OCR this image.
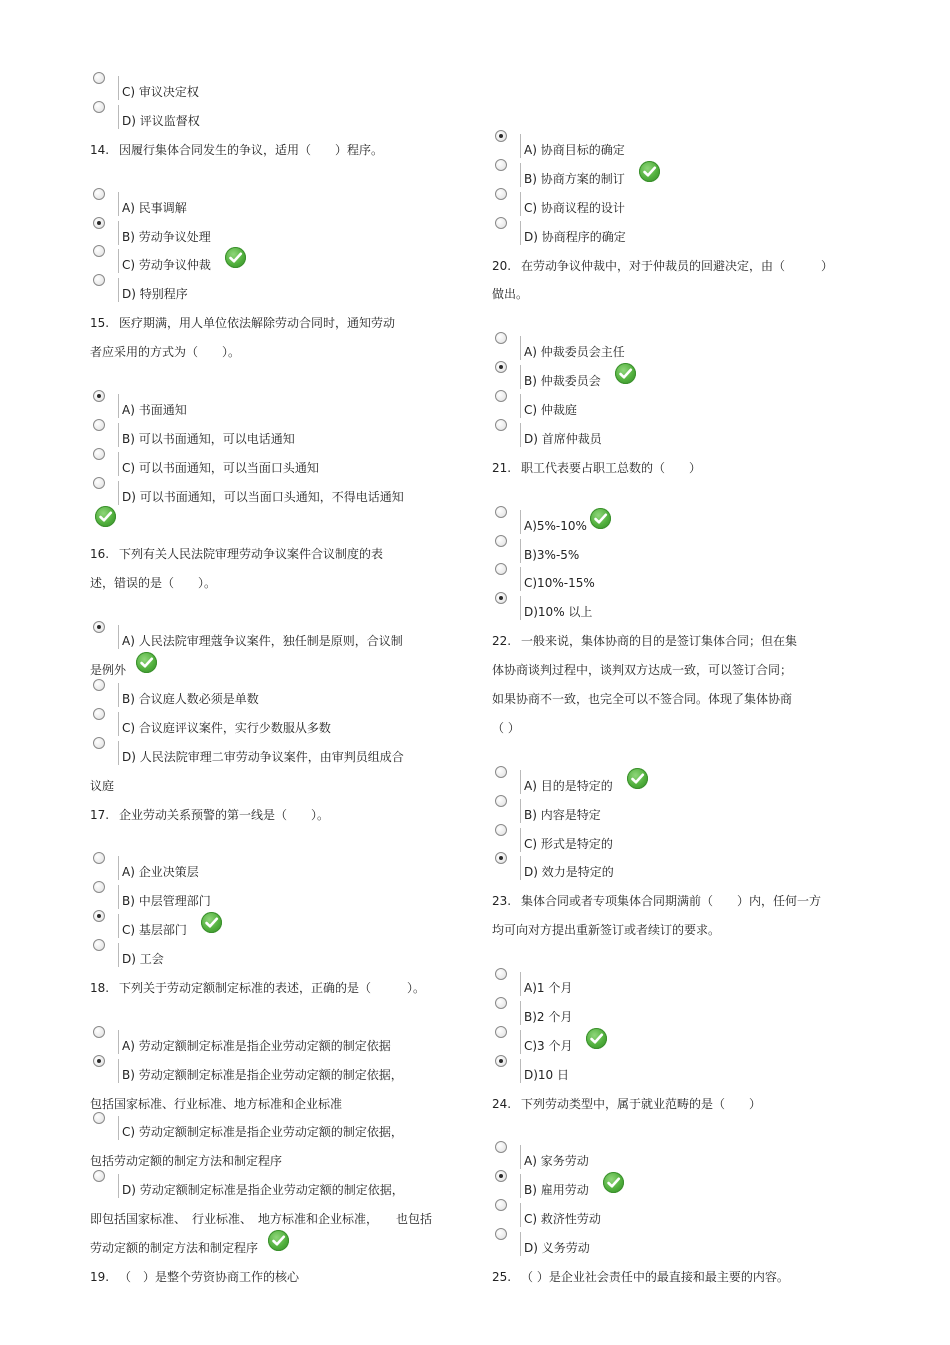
C) 审议决定权
D) 评议监督权
14. 因履行集体合同发生的争议，适用（　　）程序。
A) 民事调解
B) 劳动争议处理
C) 劳动争议仲裁
D) 特别程序
15. 医疗期满，用人单位依法解除劳动合同时，通知劳动
者应采用的方式为（　　）。
A) 书面通知
B) 可以书面通知，可以电话通知
C) 可以书面通知，可以当面口头通知
D) 可以书面通知，可以当面口头通知，不得电话通知
16. 下列有关人民法院审理劳动争议案件合议制度的表
述，错误的是（　　）。
A) 人民法院审理蔻争议案件，独任制是原则，合议制
是例外
B) 合议庭人数必须是单数
C) 合议庭评议案件，实行少数服从多数
D) 人民法院审理二审劳动争议案件，由审判员组成合
议庭
17. 企业劳动关系预警的第一线是（　　）。
A) 企业决策层
B) 中层管理部门
C) 基层部门
D) 工会
18. 下列关于劳动定额制定标准的表述，正确的是（　　　）。
A) 劳动定额制定标准是指企业劳动定额的制定依据
B) 劳动定额制定标准是指企业劳动定额的制定依据，
包括国家标准、行业标准、地方标准和企业标准
C) 劳动定额制定标准是指企业劳动定额的制定依据，
包括劳动定额的制定方法和制定程序
D) 劳动定额制定标准是指企业劳动定额的制定依据，
即包括国家标准、　行业标准、　地方标准和企业标准，　　也包括
劳动定额的制定方法和制定程序
19. （　）是整个劳资协商工作的核心
A) 协商目标的确定
B) 协商方案的制订
C) 协商议程的设计
D) 协商程序的确定
20. 在劳动争议仲裁中，对于仲裁员的回避决定，由（　　　）
做出。
A) 仲裁委员会主任
B) 仲裁委员会
C) 仲裁庭
D) 首席仲裁员
21. 职工代表要占职工总数的（　　）
A)5%-10%
B)3%-5%
C)10%-15%
D)10% 以上
22. 一般来说，集体协商的目的是签订集体合同；但在集
体协商谈判过程中，谈判双方达成一致，可以签订合同；
如果协商不一致，也完全可以不签合同。体现了集体协商
（ ）
A) 目的是特定的
B) 内容是特定
C) 形式是特定的
D) 效力是特定的
23. 集体合同或者专项集体合同期满前（　　）内，任何一方
均可向对方提出重新签订或者续订的要求。
A)1 个月
B)2 个月
C)3 个月
D)10 日
24. 下列劳动类型中，属于就业范畴的是（　　）
A) 家务劳动
B) 雇用劳动
C) 救济性劳动
D) 义务劳动
25. （ ）是企业社会责任中的最直接和最主要的内容。
